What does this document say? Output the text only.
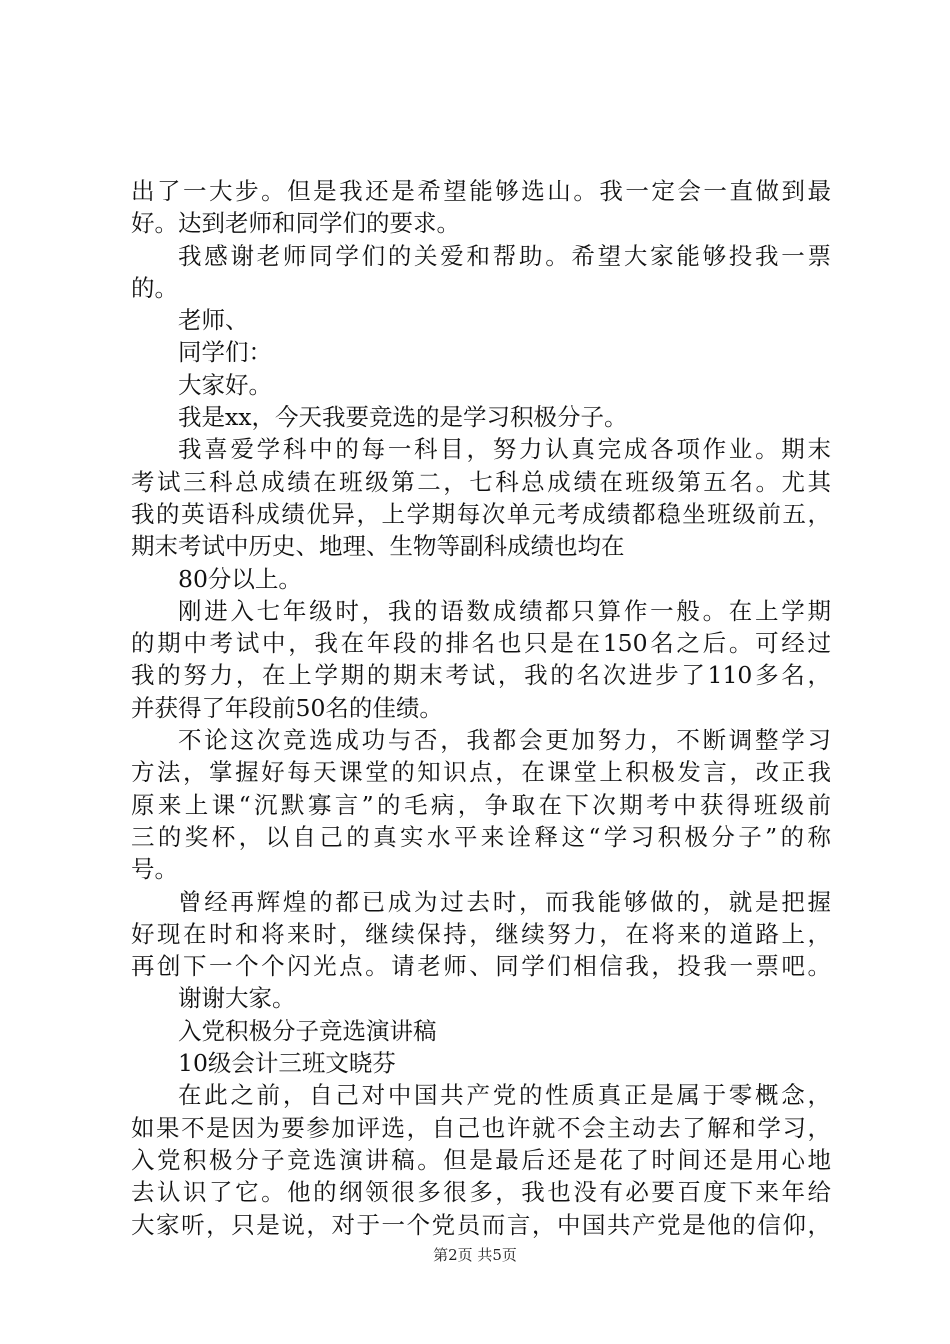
出了一大步。但是我还是希望能够选山。我一定会一直做到最
好。达到老师和同学们的要求。
我感谢老师同学们的关爱和帮助。希望大家能够投我一票
的。
老师、
同学们：
大家好。
我是xx，今天我要竞选的是学习积极分子。
我喜爱学科中的每一科目，努力认真完成各项作业。期末
考试三科总成绩在班级第二，七科总成绩在班级第五名。尤其
我的英语科成绩优异，上学期每次单元考成绩都稳坐班级前五，
期末考试中历史、地理、生物等副科成绩也均在
80分以上。
刚进入七年级时，我的语数成绩都只算作一般。在上学期
的期中考试中，我在年段的排名也只是在150名之后。可经过
我的努力，在上学期的期末考试，我的名次进步了110多名，
并获得了年段前50名的佳绩。
不论这次竞选成功与否，我都会更加努力，不断调整学习
方法，掌握好每天课堂的知识点，在课堂上积极发言，改正我
原来上课“沉默寡言”的毛病，争取在下次期考中获得班级前
三的奖杯，以自己的真实水平来诠释这“学习积极分子”的称
号。
曾经再辉煌的都已成为过去时，而我能够做的，就是把握
好现在时和将来时，继续保持，继续努力，在将来的道路上，
再创下一个个闪光点。请老师、同学们相信我，投我一票吧。
谢谢大家。
入党积极分子竞选演讲稿
10级会计三班文晓芬
在此之前，自己对中国共产党的性质真正是属于零概念，
如果不是因为要参加评选，自己也许就不会主动去了解和学习，
入党积极分子竞选演讲稿。但是最后还是花了时间还是用心地
去认识了它。他的纲领很多很多，我也没有必要百度下来年给
大家听，只是说，对于一个党员而言，中国共产党是他的信仰，
第2页 共5页
